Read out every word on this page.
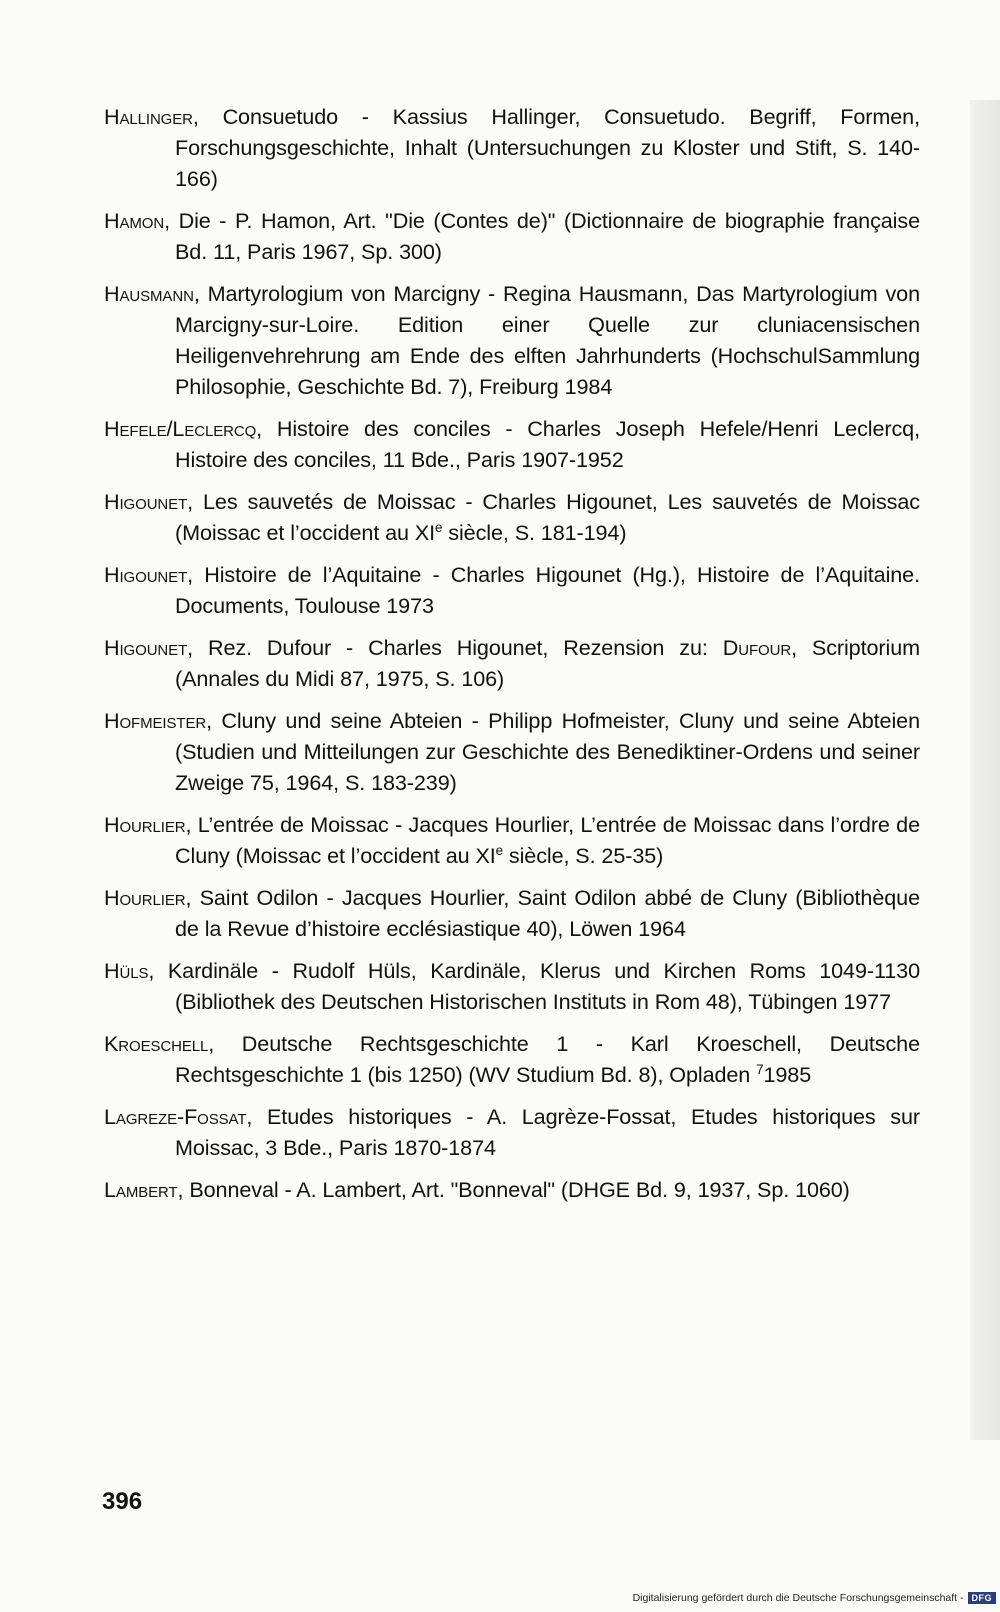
Hallinger, Consuetudo - Kassius Hallinger, Consuetudo. Begriff, Formen, Forschungsgeschichte, Inhalt (Untersuchungen zu Kloster und Stift, S. 140-166)

Hamon, Die - P. Hamon, Art. "Die (Contes de)" (Dictionnaire de biographie française Bd. 11, Paris 1967, Sp. 300)

Hausmann, Martyrologium von Marcigny - Regina Hausmann, Das Martyrologium von Marcigny-sur-Loire. Edition einer Quelle zur cluniacensischen Heiligenvehrehrung am Ende des elften Jahrhunderts (HochschulSammlung Philosophie, Geschichte Bd. 7), Freiburg 1984

Hefele/Leclercq, Histoire des conciles - Charles Joseph Hefele/Henri Leclercq, Histoire des conciles, 11 Bde., Paris 1907-1952

Higounet, Les sauvetés de Moissac - Charles Higounet, Les sauvetés de Moissac (Moissac et l’occident au XIe siècle, S. 181-194)

Higounet, Histoire de l’Aquitaine - Charles Higounet (Hg.), Histoire de l’Aquitaine. Documents, Toulouse 1973

Higounet, Rez. Dufour - Charles Higounet, Rezension zu: Dufour, Scriptorium (Annales du Midi 87, 1975, S. 106)

Hofmeister, Cluny und seine Abteien - Philipp Hofmeister, Cluny und seine Abteien (Studien und Mitteilungen zur Geschichte des Benediktiner-Ordens und seiner Zweige 75, 1964, S. 183-239)

Hourlier, L’entrée de Moissac - Jacques Hourlier, L’entrée de Moissac dans l’ordre de Cluny (Moissac et l’occident au XIe siècle, S. 25-35)

Hourlier, Saint Odilon - Jacques Hourlier, Saint Odilon abbé de Cluny (Bibliothèque de la Revue d’histoire ecclésiastique 40), Löwen 1964

Hüls, Kardinäle - Rudolf Hüls, Kardinäle, Klerus und Kirchen Roms 1049-1130 (Bibliothek des Deutschen Historischen Instituts in Rom 48), Tübingen 1977

Kroeschell, Deutsche Rechtsgeschichte 1 - Karl Kroeschell, Deutsche Rechtsgeschichte 1 (bis 1250) (WV Studium Bd. 8), Opladen $^7$1985

Lagreze-Fossat, Etudes historiques - A. Lagrèze-Fossat, Etudes historiques sur Moissac, 3 Bde., Paris 1870-1874

Lambert, Bonneval - A. Lambert, Art. "Bonneval" (DHGE Bd. 9, 1937, Sp. 1060)

396
Digitalisierung gefördert durch die Deutsche Forschungsgemeinschaft - DFG
